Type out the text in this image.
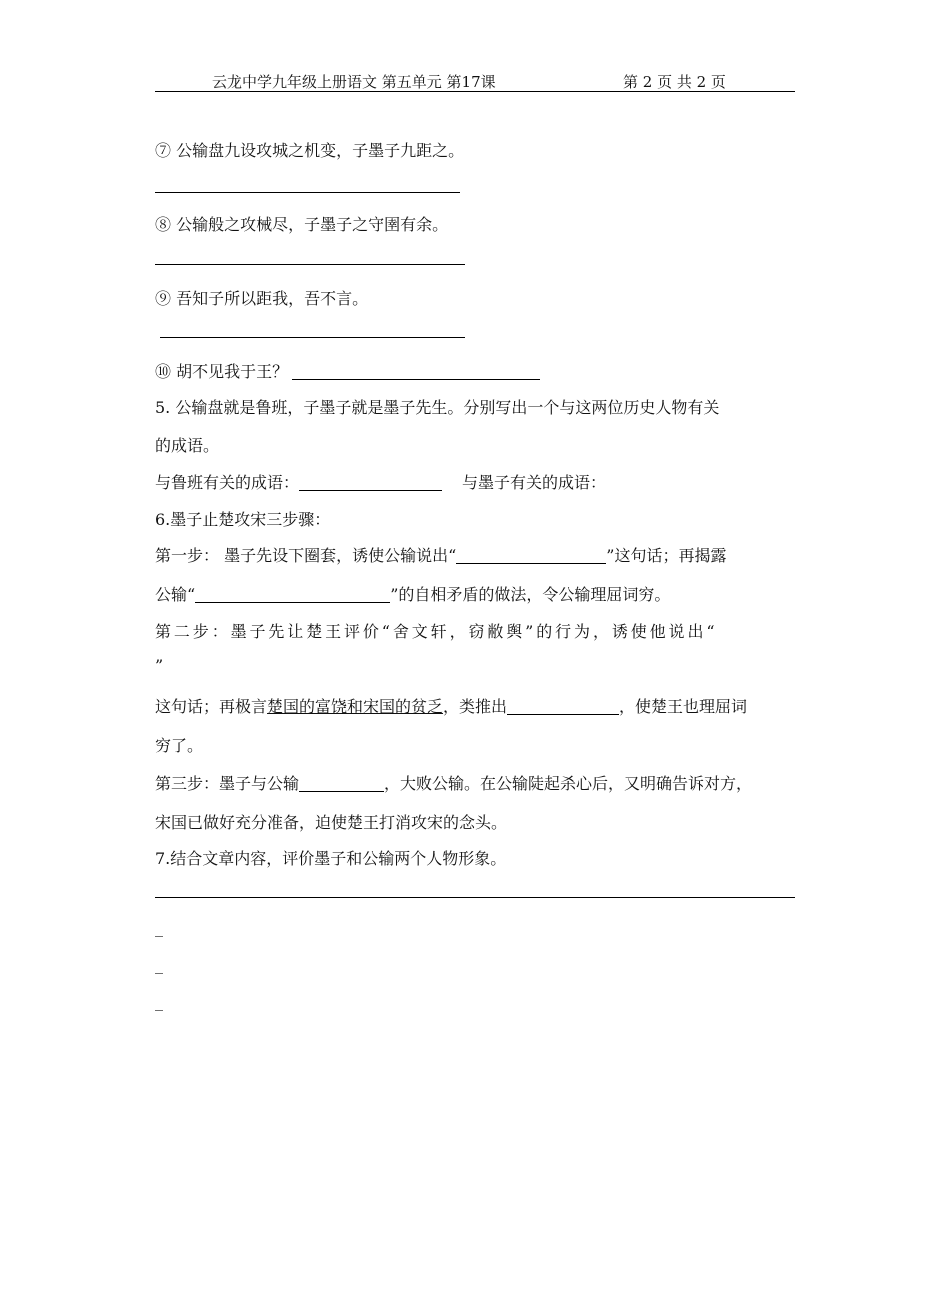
云龙中学九年级上册语文 第五单元 第17课	第 2 页 共 2 页
⑦ 公输盘九设攻城之机变，子墨子九距之。
⑧ 公输般之攻械尽，子墨子之守圉有余。
⑨ 吾知子所以距我，吾不言。
⑩ 胡不见我于王？
5. 公输盘就是鲁班，子墨子就是墨子先生。分别写出一个与这两位历史人物有关
的成语。
与鲁班有关的成语：	与墨子有关的成语：
6.墨子止楚攻宋三步骤：
第一步： 墨子先设下圈套，诱使公输说出“	”这句话；再揭露
公输“	”的自相矛盾的做法，令公输理屈词穷。
第二步：墨子先让楚王评价“舍文轩，窃敝舆”的行为，诱使他说出“
”
这句话；再极言楚国的富饶和宋国的贫乏，类推出	，使楚王也理屈词
穷了。
第三步：墨子与公输	，大败公输。在公输陡起杀心后，又明确告诉对方，
宋国已做好充分准备，迫使楚王打消攻宋的念头。
7.结合文章内容，评价墨子和公输两个人物形象。
_
_
_
